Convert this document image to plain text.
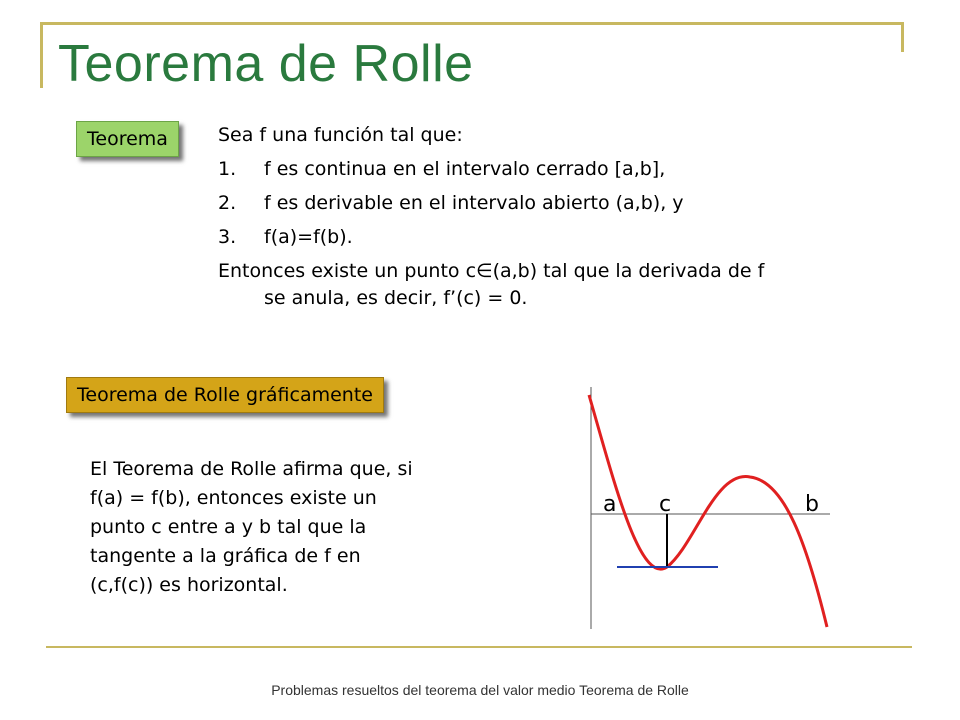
Teorema de Rolle
Teorema	Sea f una función tal que:
1. f es continua en el intervalo cerrado [a,b],
2. f es derivable en el intervalo abierto (a,b), y
3. f(a)=f(b).
Entonces existe un punto c∈(a,b) tal que la derivada de f
se anula, es decir, f’(c) = 0.
Teorema de Rolle gráficamente
El Teorema de Rolle afirma que, si
f(a) = f(b), entonces existe un
punto c entre a y b tal que la
tangente a la gráfica de f en
(c,f(c)) es horizontal.
a c	b
Problemas resueltos del teorema del valor medio Teorema de Rolle
